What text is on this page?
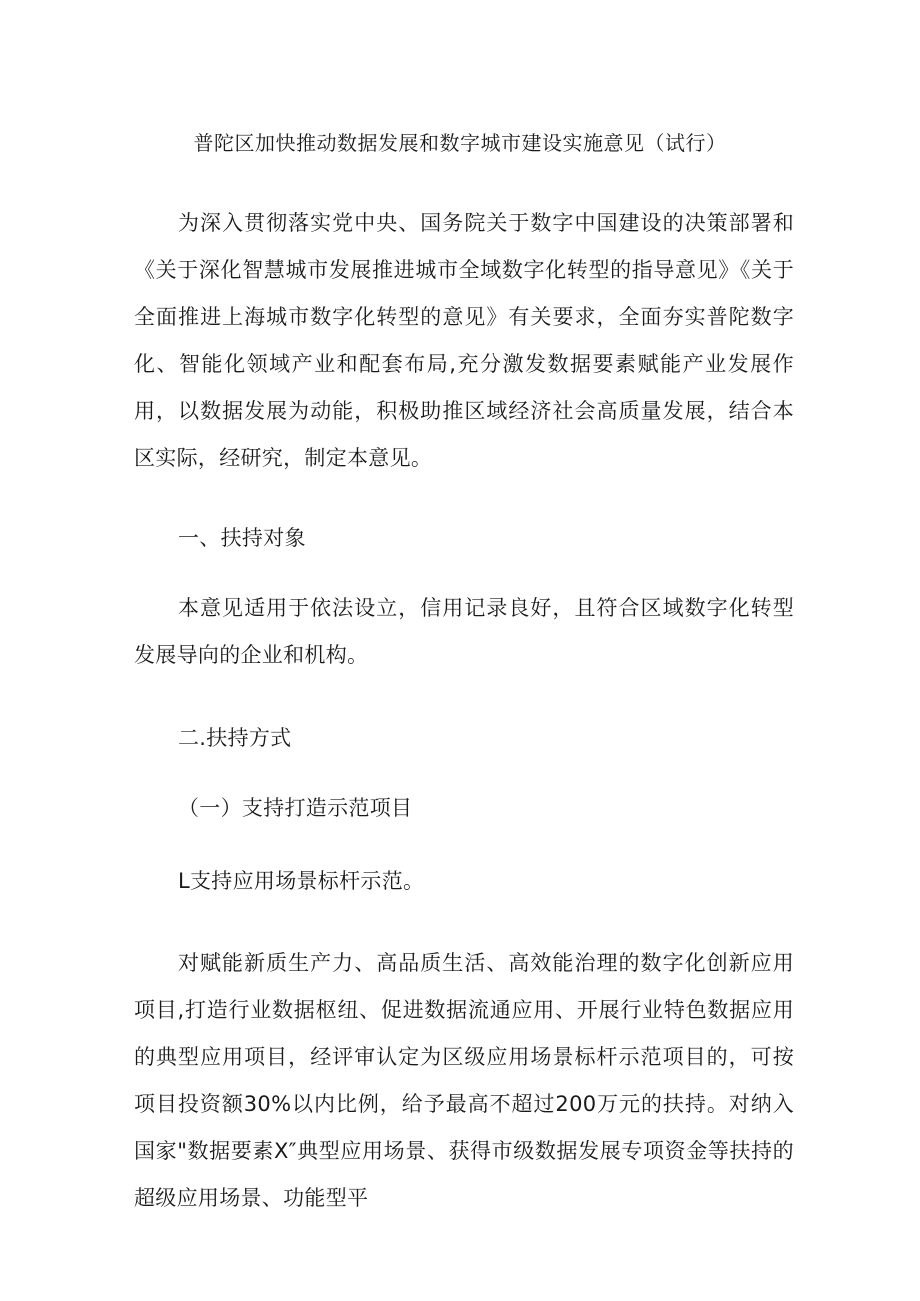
普陀区加快推动数据发展和数字城市建设实施意见（试行）
为深入贯彻落实党中央、国务院关于数字中国建设的决策部署和《关于深化智慧城市发展推进城市全域数字化转型的指导意见》《关于全面推进上海城市数字化转型的意见》有关要求，全面夯实普陀数字化、智能化领域产业和配套布局,充分激发数据要素赋能产业发展作用，以数据发展为动能，积极助推区域经济社会高质量发展，结合本区实际，经研究，制定本意见。
一、扶持对象
本意见适用于依法设立，信用记录良好，且符合区域数字化转型发展导向的企业和机构。
二.扶持方式
（一）支持打造示范项目
L支持应用场景标杆示范。
对赋能新质生产力、高品质生活、高效能治理的数字化创新应用项目,打造行业数据枢纽、促进数据流通应用、开展行业特色数据应用的典型应用项目，经评审认定为区级应用场景标杆示范项目的，可按项目投资额30%以内比例，给予最高不超过200万元的扶持。对纳入国家"数据要素X″典型应用场景、获得市级数据发展专项资金等扶持的超级应用场景、功能型平
